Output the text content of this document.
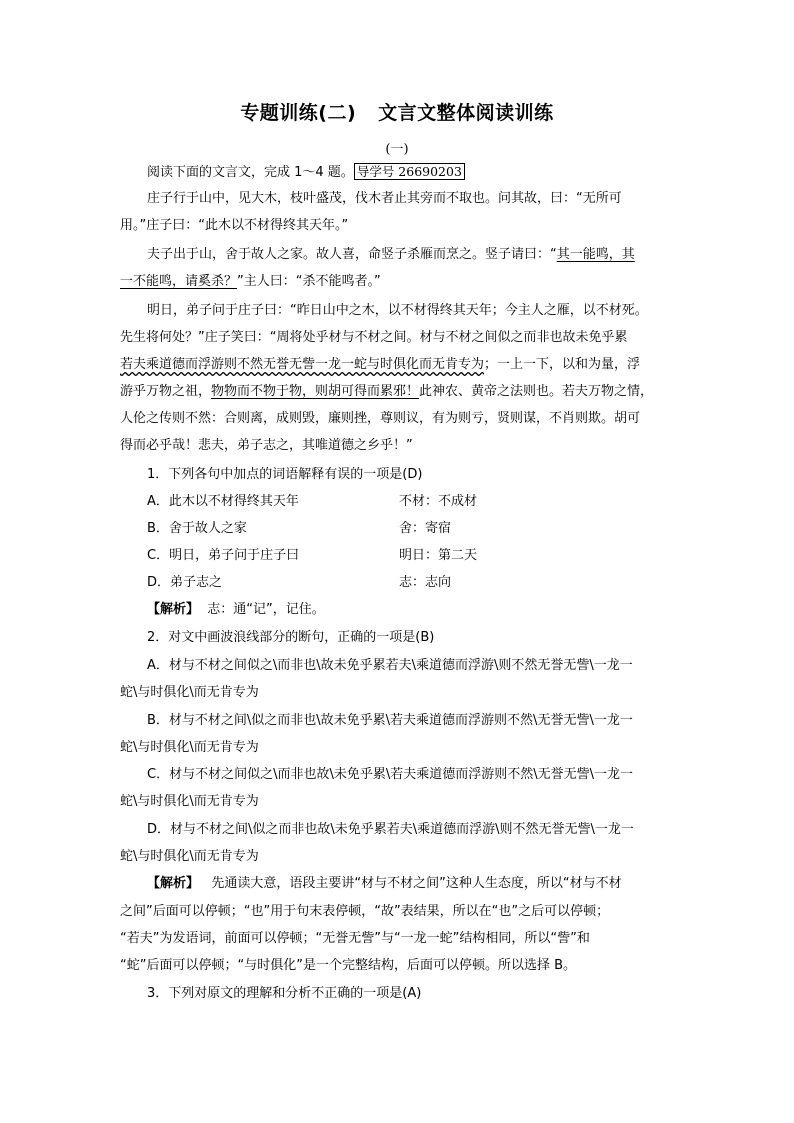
专题训练(二) 文言文整体阅读训练
(一)
阅读下面的文言文，完成 1～4 题。 导学号 26690203
庄子行于山中，见大木，枝叶盛茂，伐木者止其旁而不取也。问其故，曰：“无所可
用。”庄子曰：“此木以不材得终其天年。”
夫子出于山，舍于故人之家。故人喜，命竖子杀雁而烹之。竖子请曰：“其一能鸣，其
一不能鸣，请奚杀？”主人曰：“杀不能鸣者。”
明日，弟子问于庄子曰：“昨日山中之木，以不材得终其天年；今主人之雁，以不材死。
先生将何处？”庄子笑曰：“周将处乎材与不材之间。材与不材之间似之而非也故未免乎累
若夫乘道德而浮游则不然无誉无訾一龙一蛇与时俱化而无肯专为；一上一下，以和为量，浮
游乎万物之祖，物物而不物于物，则胡可得而累邪！此神农、黄帝之法则也。若夫万物之情，
人伦之传则不然：合则离，成则毁，廉则挫，尊则议，有为则亏，贤则谋，不肖则欺。胡可
得而必乎哉！悲夫，弟子志之，其唯道德之乡乎！”
1．下列各句中加点的词语解释有误的一项是(D)
A．此木以不材得终其天年	不材：不成材
B．舍于故人之家	舍：寄宿
C．明日，弟子问于庄子曰	明日：第二天
D．弟子志之	志：志向
【解析】 志：通“记”，记住。
2．对文中画波浪线部分的断句，正确的一项是(B)
A．材与不材之间似之\而非也\故未免乎累若夫\乘道德而浮游\则不然无誉无訾\一龙一
蛇\与时俱化\而无肯专为
B．材与不材之间\似之而非也\故未免乎累\若夫乘道德而浮游则不然\无誉无訾\一龙一
蛇\与时俱化\而无肯专为
C．材与不材之间似之\而非也故\未免乎累\若夫乘道德而浮游则不然\无誉无訾\一龙一
蛇\与时俱化\而无肯专为
D．材与不材之间\似之而非也故\未免乎累若夫\乘道德而浮游\则不然无誉无訾\一龙一
蛇\与时俱化\而无肯专为
【解析】 先通读大意，语段主要讲“材与不材之间”这种人生态度，所以“材与不材
之间”后面可以停顿；“也”用于句末表停顿，“故”表结果，所以在“也”之后可以停顿；
“若夫”为发语词，前面可以停顿；“无誉无訾”与“一龙一蛇”结构相同，所以“訾”和
“蛇”后面可以停顿；“与时俱化”是一个完整结构，后面可以停顿。所以选择 B。
3．下列对原文的理解和分析不正确的一项是(A)
